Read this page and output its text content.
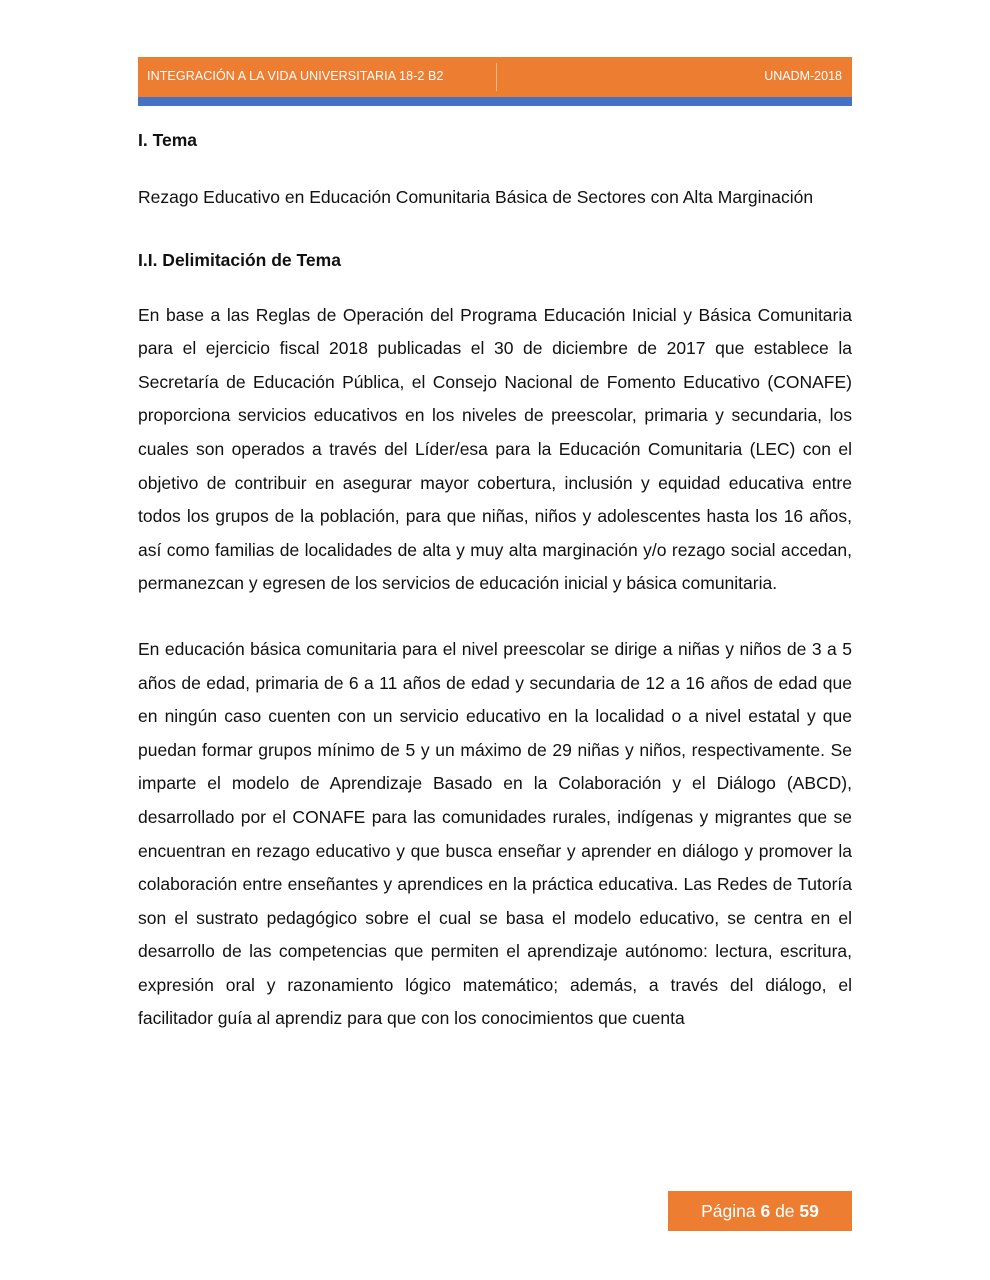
INTEGRACIÓN A LA VIDA UNIVERSITARIA 18-2 B2	UNADM-2018
I. Tema

Rezago Educativo en Educación Comunitaria Básica de Sectores con Alta Marginación

I.I. Delimitación de Tema

En base a las Reglas de Operación del Programa Educación Inicial y Básica Comunitaria para el ejercicio fiscal 2018 publicadas el 30 de diciembre de 2017 que establece la Secretaría de Educación Pública, el Consejo Nacional de Fomento Educativo (CONAFE) proporciona servicios educativos en los niveles de preescolar, primaria y secundaria, los cuales son operados a través del Líder/esa para la Educación Comunitaria (LEC) con el objetivo de contribuir en asegurar mayor cobertura, inclusión y equidad educativa entre todos los grupos de la población, para que niñas, niños y adolescentes hasta los 16 años, así como familias de localidades de alta y muy alta marginación y/o rezago social accedan, permanezcan y egresen de los servicios de educación inicial y básica comunitaria.

En educación básica comunitaria para el nivel preescolar se dirige a niñas y niños de 3 a 5 años de edad, primaria de 6 a 11 años de edad y secundaria de 12 a 16 años de edad que en ningún caso cuenten con un servicio educativo en la localidad o a nivel estatal y que puedan formar grupos mínimo de 5 y un máximo de 29 niñas y niños, respectivamente. Se imparte el modelo de Aprendizaje Basado en la Colaboración y el Diálogo (ABCD), desarrollado por el CONAFE para las comunidades rurales, indígenas y migrantes que se encuentran en rezago educativo y que busca enseñar y aprender en diálogo y promover la colaboración entre enseñantes y aprendices en la práctica educativa. Las Redes de Tutoría son el sustrato pedagógico sobre el cual se basa el modelo educativo, se centra en el desarrollo de las competencias que permiten el aprendizaje autónomo: lectura, escritura, expresión oral y razonamiento lógico matemático; además, a través del diálogo, el facilitador guía al aprendiz para que con los conocimientos que cuenta

Página 6 de 59
